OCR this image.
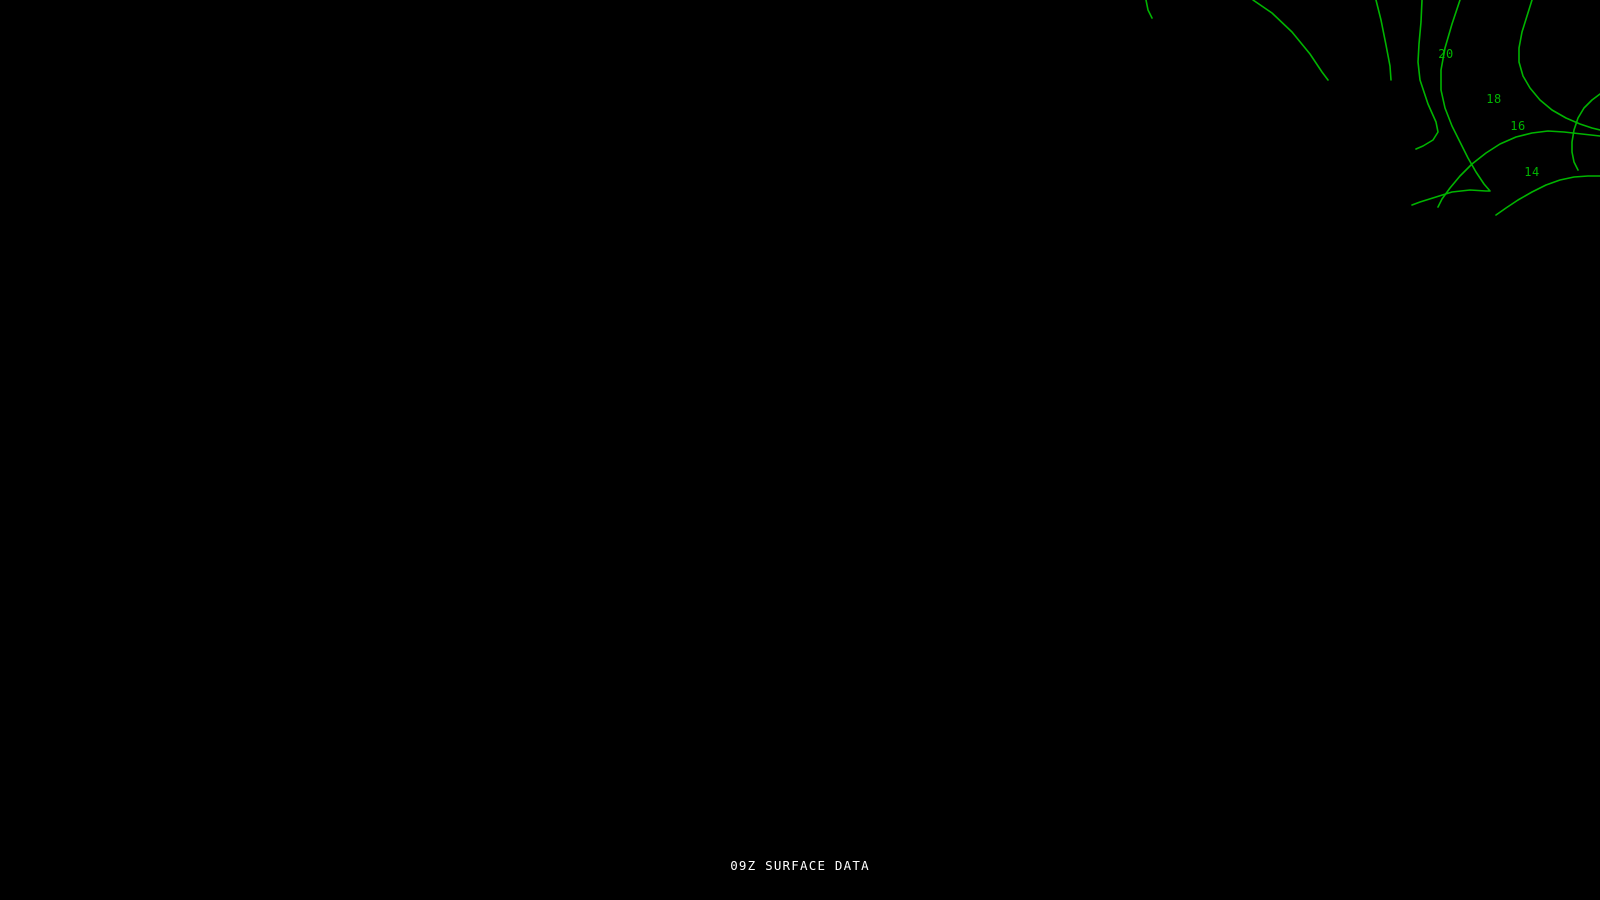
20
18
16
14
09Z SURFACE DATA
